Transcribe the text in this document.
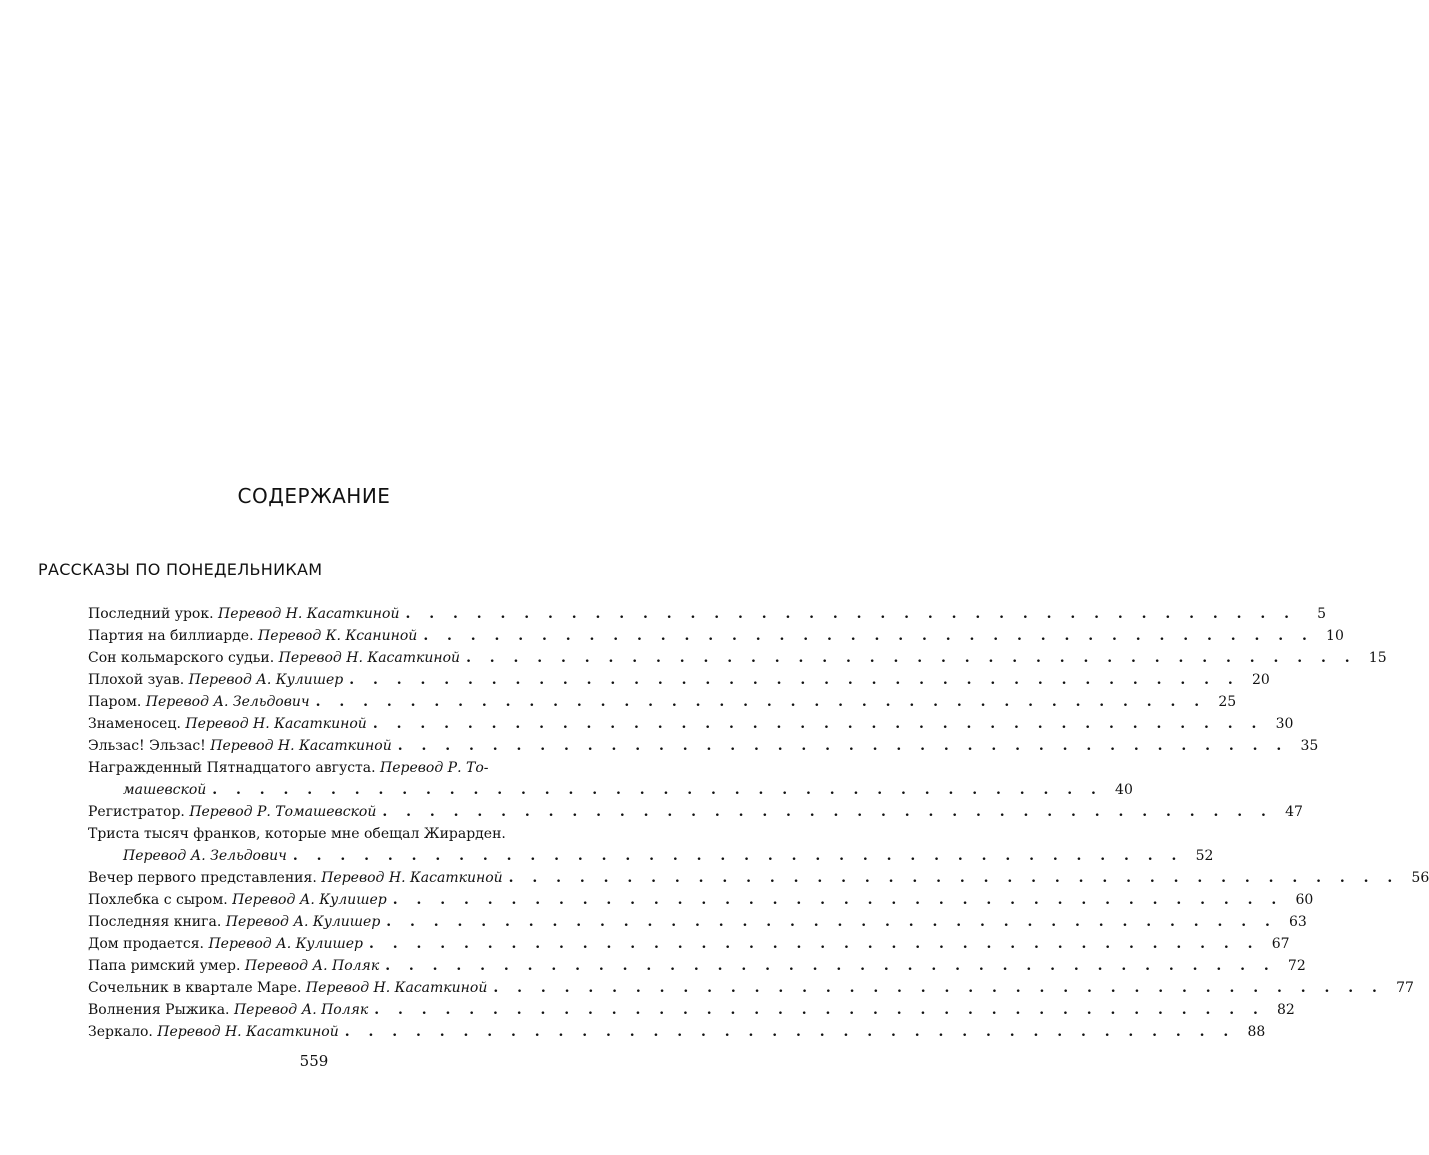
СОДЕРЖАНИЕ
РАССКАЗЫ ПО ПОНЕДЕЛЬНИКАМ
Последний урок. Перевод Н. Касаткиной . . . . . . . . . . . . . . . . . . . . . . . . . . . . . . . . . . . . . .	5
Партия на биллиарде. Перевод К. Ксаниной . . . . . . . . . . . . . . . . . . . . . . . . . . . . . . . . . . . . . . 10
Сон кольмарского судьи. Перевод Н. Касаткиной . . . . . . . . . . . . . . . . . . . . . . . . . . . . . . . . . . . . . . 15
Плохой зуав. Перевод А. Кулишер . . . . . . . . . . . . . . . . . . . . . . . . . . . . . . . . . . . . . . 20
Паром. Перевод А. Зельдович . . . . . . . . . . . . . . . . . . . . . . . . . . . . . . . . . . . . . . 25
Знаменосец. Перевод Н. Касаткиной . . . . . . . . . . . . . . . . . . . . . . . . . . . . . . . . . . . . . . 30
Эльзас! Эльзас! Перевод Н. Касаткиной . . . . . . . . . . . . . . . . . . . . . . . . . . . . . . . . . . . . . . 35
Награжденный Пятнадцатого августа. Перевод Р. То-
машевской . . . . . . . . . . . . . . . . . . . . . . . . . . . . . . . . . . . . . . 40
Регистратор. Перевод Р. Томашевской . . . . . . . . . . . . . . . . . . . . . . . . . . . . . . . . . . . . . . 47
Триста тысяч франков, которые мне обещал Жирарден.
Перевод А. Зельдович . . . . . . . . . . . . . . . . . . . . . . . . . . . . . . . . . . . . . . 52
Вечер первого представления. Перевод Н. Касаткиной . . . . . . . . . . . . . . . . . . . . . . . . . . . . . . . . . . . . . . 56
Похлебка с сыром. Перевод А. Кулишер . . . . . . . . . . . . . . . . . . . . . . . . . . . . . . . . . . . . . . 60
Последняя книга. Перевод А. Кулишер . . . . . . . . . . . . . . . . . . . . . . . . . . . . . . . . . . . . . . 63
Дом продается. Перевод А. Кулишер . . . . . . . . . . . . . . . . . . . . . . . . . . . . . . . . . . . . . . 67
Папа римский умер. Перевод А. Поляк . . . . . . . . . . . . . . . . . . . . . . . . . . . . . . . . . . . . . . 72
Сочельник в квартале Маре. Перевод Н. Касаткиной . . . . . . . . . . . . . . . . . . . . . . . . . . . . . . . . . . . . . . 77
Волнения Рыжика. Перевод А. Поляк . . . . . . . . . . . . . . . . . . . . . . . . . . . . . . . . . . . . . . 82
Зеркало. Перевод Н. Касаткиной . . . . . . . . . . . . . . . . . . . . . . . . . . . . . . . . . . . . . . 88
559
